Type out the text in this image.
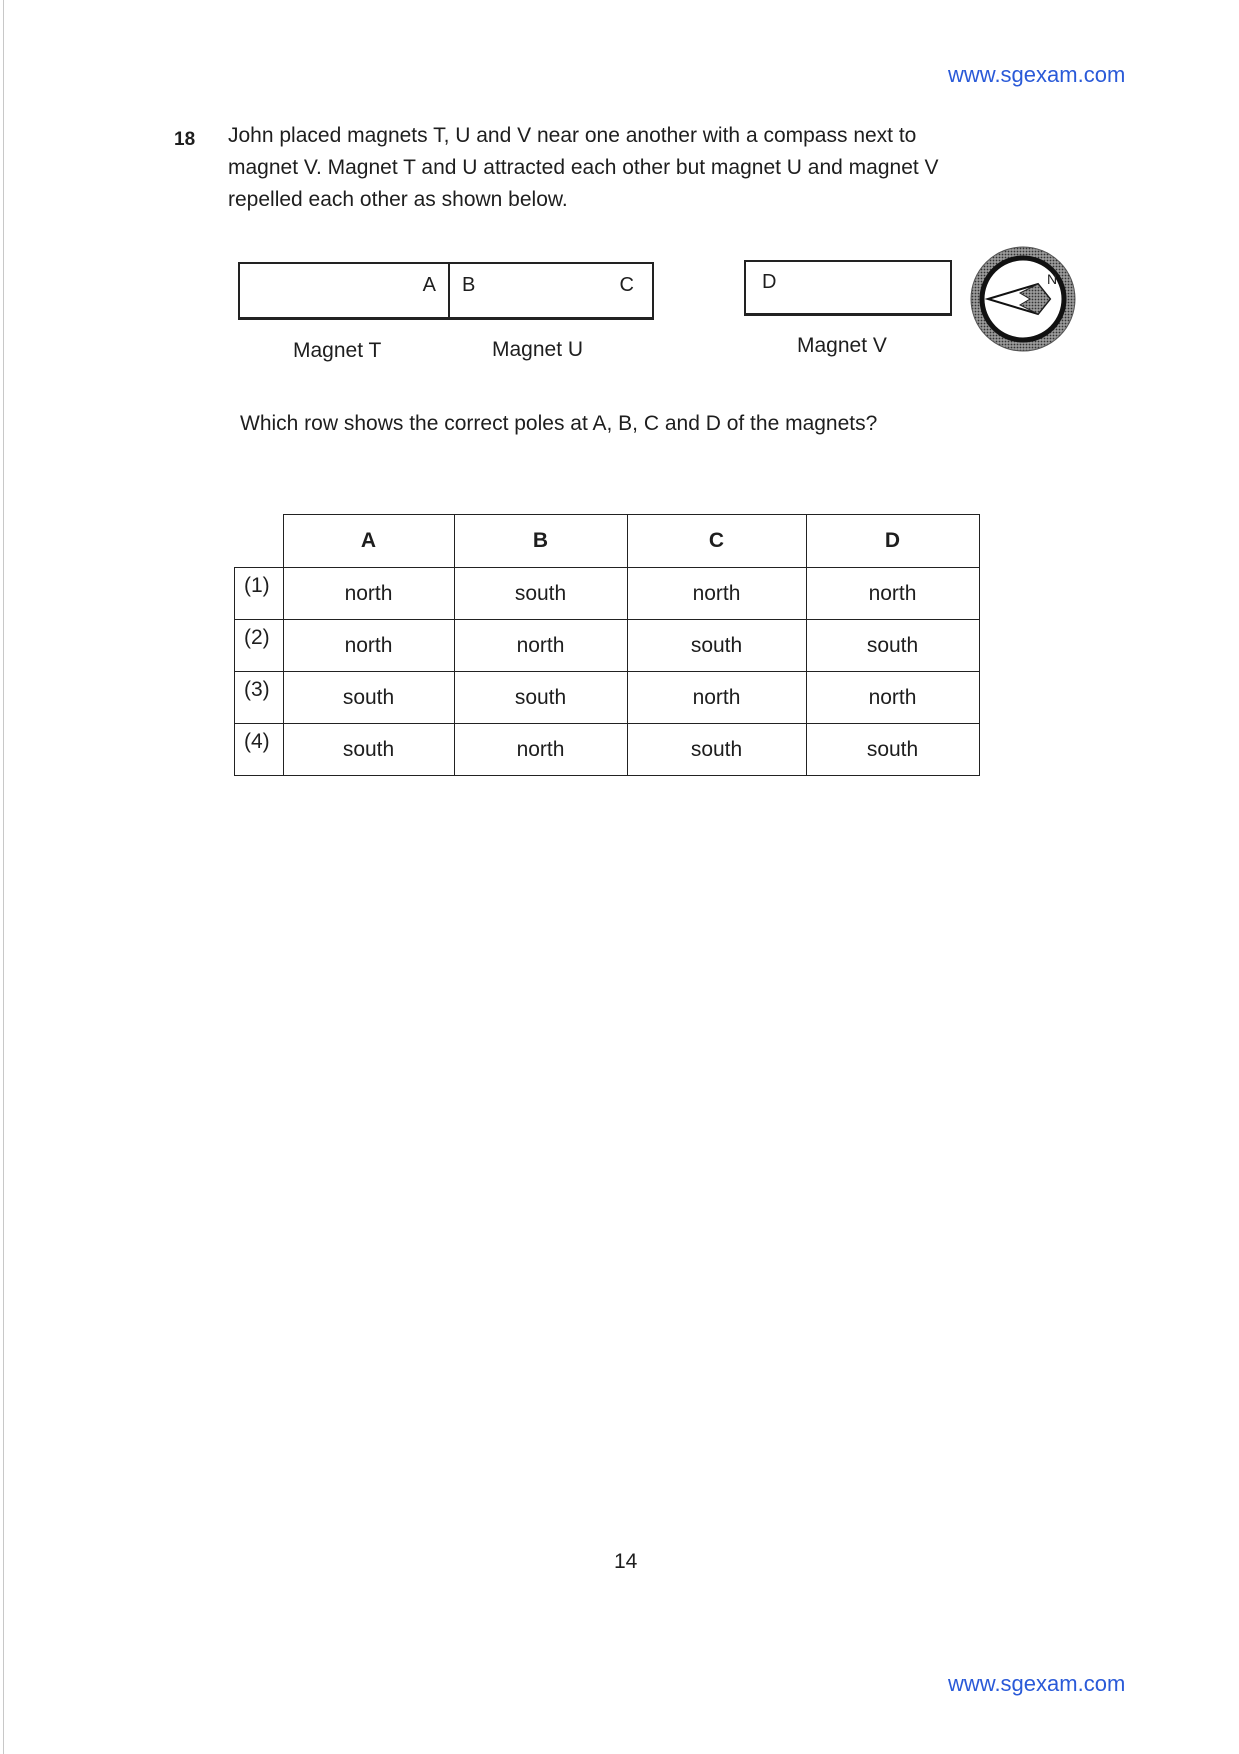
www.sgexam.com
18 John placed magnets T, U and V near one another with a compass next to
magnet V. Magnet T and U attracted each other but magnet U and magnet V
repelled each other as shown below.
A B	C	D
Magnet T	Magnet U	Magnet V
N
Which row shows the correct poles at A, B, C and D of the magnets?
	A	B	C	D
(1)	north	south	north	north
(2)	north	north	south	south
(3)	south	south	north	north
(4)	south	north	south	south
14
www.sgexam.com
